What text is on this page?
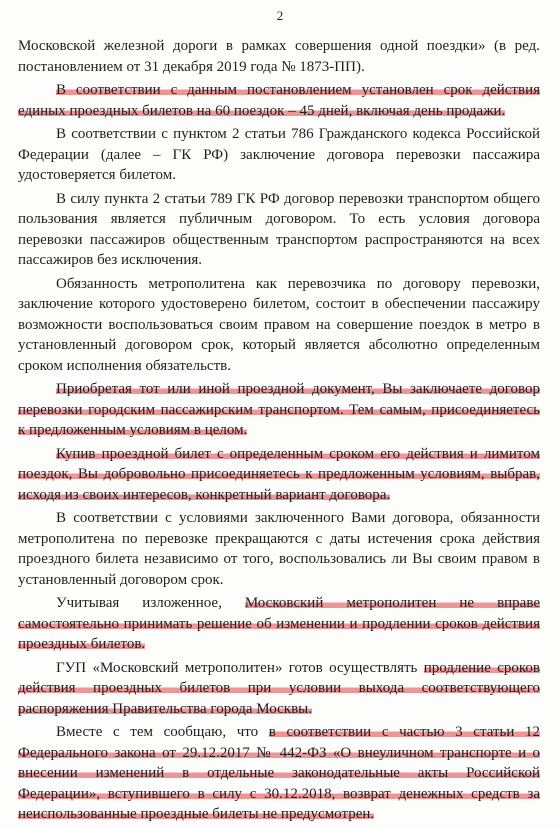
2

Московской железной дороги в рамках совершения одной поездки» (в ред. постановлением от 31 декабря 2019 года № 1873-ПП).

В соответствии с данным постановлением установлен срок действия единых проездных билетов на 60 поездок – 45 дней, включая день продажи.

В соответствии с пунктом 2 статьи 786 Гражданского кодекса Российской Федерации (далее – ГК РФ) заключение договора перевозки пассажира удостоверяется билетом.

В силу пункта 2 статьи 789 ГК РФ договор перевозки транспортом общего пользования является публичным договором. То есть условия договора перевозки пассажиров общественным транспортом распространяются на всех пассажиров без исключения.

Обязанность метрополитена как перевозчика по договору перевозки, заключение которого удостоверено билетом, состоит в обеспечении пассажиру возможности воспользоваться своим правом на совершение поездок в метро в установленный договором срок, который является абсолютно определенным сроком исполнения обязательств.

Приобретая тот или иной проездной документ, Вы заключаете договор перевозки городским пассажирским транспортом. Тем самым, присоединяетесь к предложенным условиям в целом.

Купив проездной билет с определенным сроком его действия и лимитом поездок, Вы добровольно присоединяетесь к предложенным условиям, выбрав, исходя из своих интересов, конкретный вариант договора.

В соответствии с условиями заключенного Вами договора, обязанности метрополитена по перевозке прекращаются с даты истечения срока действия проездного билета независимо от того, воспользовались ли Вы своим правом в установленный договором срок.

Учитывая изложенное, Московский метрополитен не вправе самостоятельно принимать решение об изменении и продлении сроков действия проездных билетов.

ГУП «Московский метрополитен» готов осуществлять продление сроков действия проездных билетов при условии выхода соответствующего распоряжения Правительства города Москвы.

Вместе с тем сообщаю, что в соответствии с частью 3 статьи 12 Федерального закона от 29.12.2017 № 442-ФЗ «О внеуличном транспорте и о внесении изменений в отдельные законодательные акты Российской Федерации», вступившего в силу с 30.12.2018, возврат денежных средств за неиспользованные проездные билеты не предусмотрен.
